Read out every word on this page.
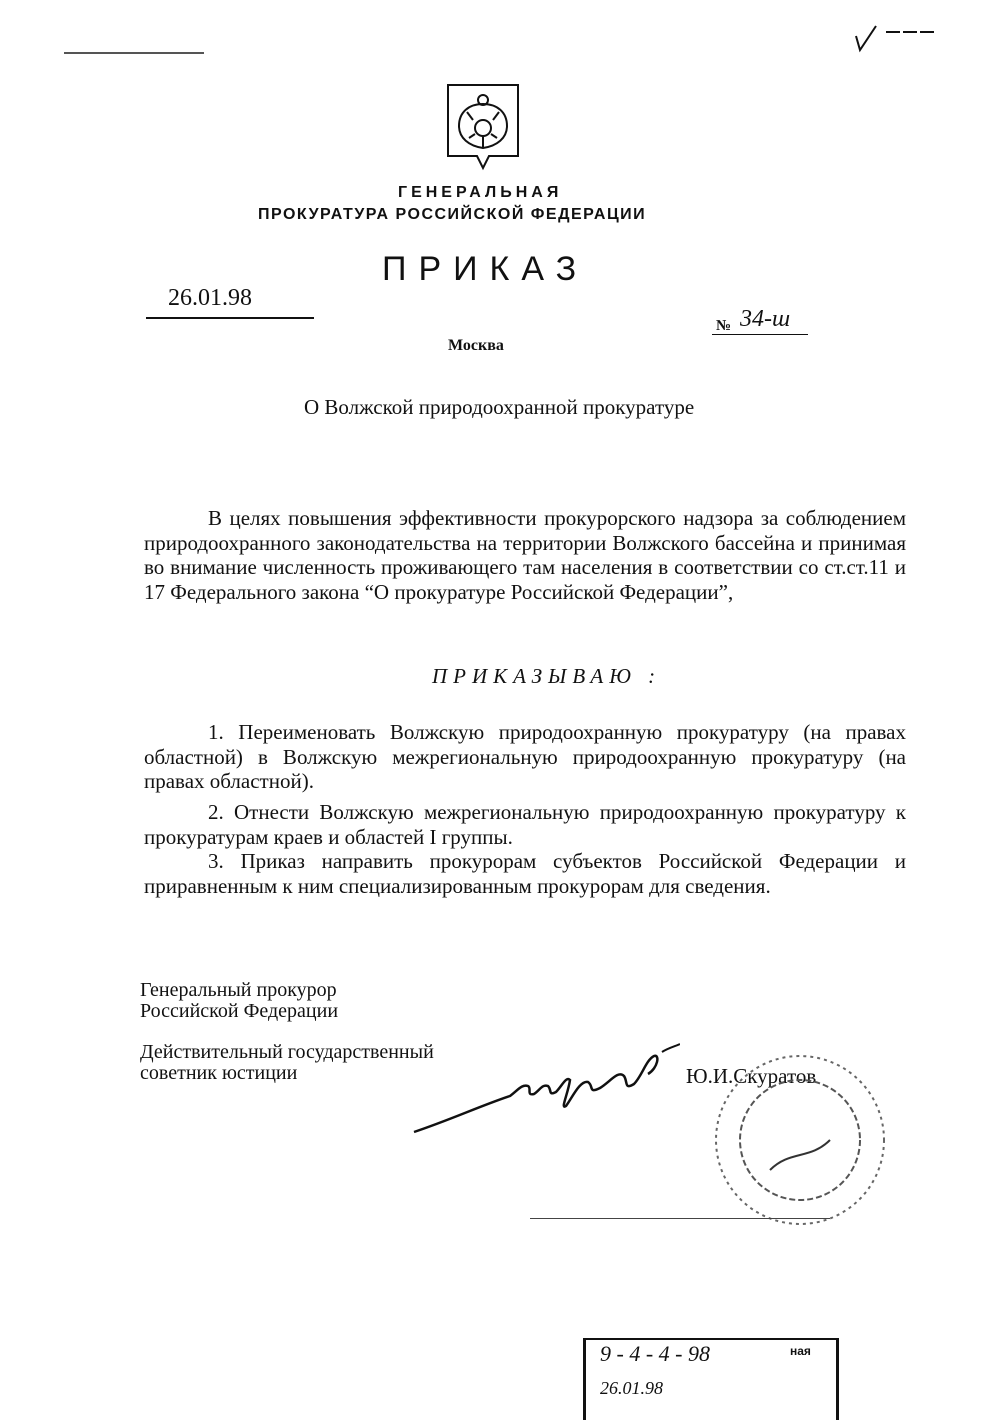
ГЕНЕРАЛЬНАЯ
ПРОКУРАТУРА РОССИЙСКОЙ ФЕДЕРАЦИИ
ПРИКАЗ
26.01.98
№ 34-ш
Москва
О Волжской природоохранной прокуратуре

В целях повышения эффективности прокурорского надзора за соблюдением природоохранного законодательства на территории Волжского бассейна и принимая во внимание численность проживающего там населения в соответствии со ст.ст.11 и 17 Федерального закона “О прокуратуре Российской Федерации”,

ПРИКАЗЫВАЮ :

1. Переименовать Волжскую природоохранную прокуратуру (на правах областной) в Волжскую межрегиональную природоохранную прокуратуру (на правах областной).

2. Отнести Волжскую межрегиональную природоохранную прокуратуру к прокуратурам краев и областей I группы.

3. Приказ направить прокурорам субъектов Российской Федерации и приравненным к ним специализированным прокурорам для сведения.

Генеральный прокурор
Российской Федерации
Действительный государственный
советник юстиции	Ю.И.Скуратов
9 - 4 - 4 - 98
26.01.98
ная
